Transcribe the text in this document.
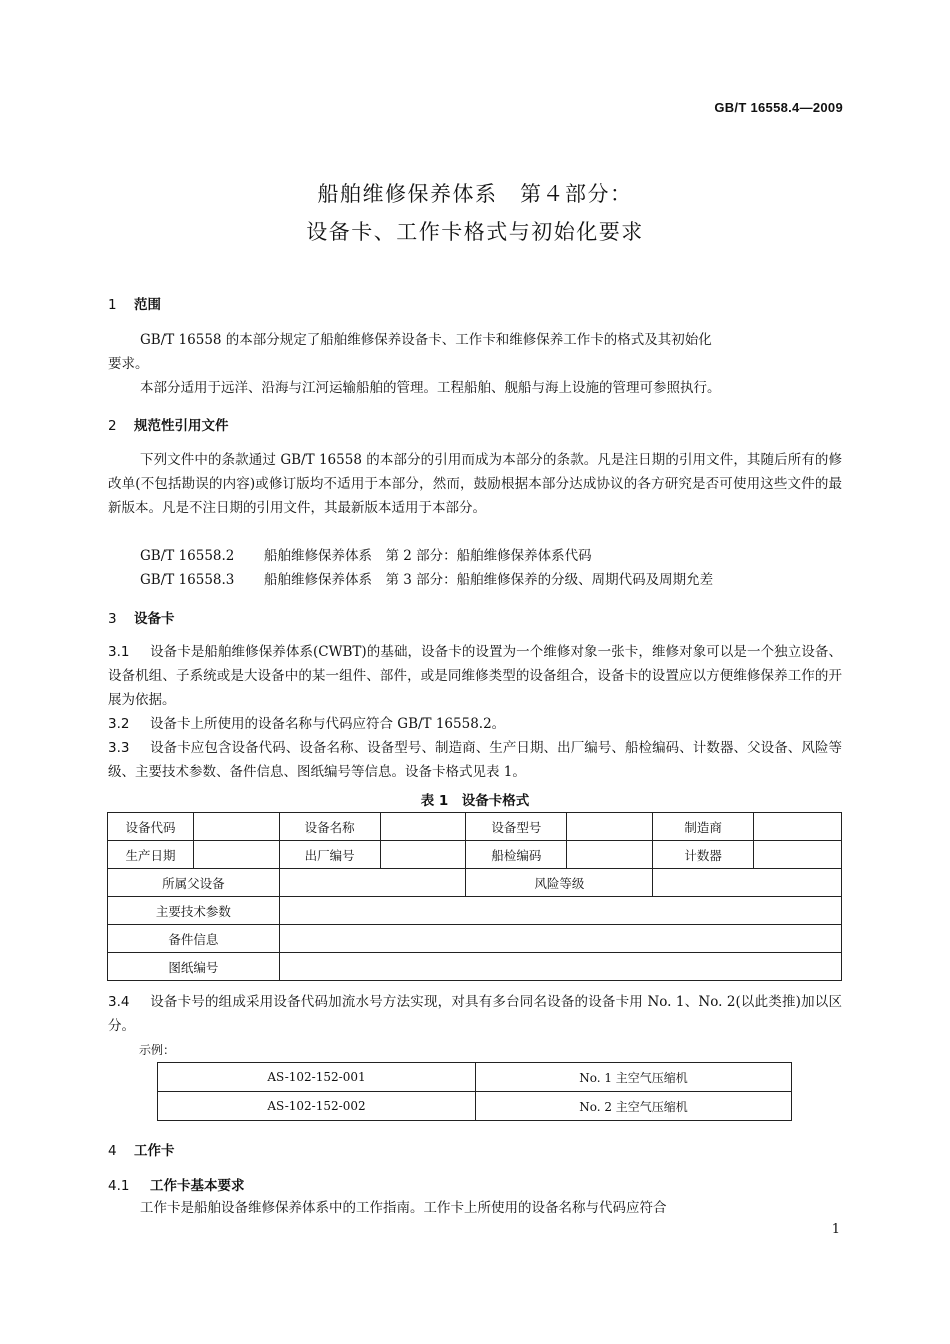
GB/T 16558.4—2009
船舶维修保养体系　第４部分：
设备卡、工作卡格式与初始化要求
1 范围
GB/T 16558 的本部分规定了船舶维修保养设备卡、工作卡和维修保养工作卡的格式及其初始化
要求。
本部分适用于远洋、沿海与江河运输船舶的管理。工程船舶、舰船与海上设施的管理可参照执行。
2 规范性引用文件
下列文件中的条款通过 GB/T 16558 的本部分的引用而成为本部分的条款。凡是注日期的引用文件，其随后所有的修改单(不包括勘误的内容)或修订版均不适用于本部分，然而，鼓励根据本部分达成协议的各方研究是否可使用这些文件的最新版本。凡是不注日期的引用文件，其最新版本适用于本部分。
GB/T 16558.2 船舶维修保养体系　第 2 部分：船舶维修保养体系代码
GB/T 16558.3 船舶维修保养体系　第 3 部分：船舶维修保养的分级、周期代码及周期允差
3 设备卡
3.1 设备卡是船舶维修保养体系(CWBT)的基础，设备卡的设置为一个维修对象一张卡，维修对象可以是一个独立设备、设备机组、子系统或是大设备中的某一组件、部件，或是同维修类型的设备组合，设备卡的设置应以方便维修保养工作的开展为依据。
3.2 设备卡上所使用的设备名称与代码应符合 GB/T 16558.2。
3.3 设备卡应包含设备代码、设备名称、设备型号、制造商、生产日期、出厂编号、船检编码、计数器、父设备、风险等级、主要技术参数、备件信息、图纸编号等信息。设备卡格式见表 1。
表 1　设备卡格式
设备代码		设备名称		设备型号		制造商	
生产日期		出厂编号		船检编码		计数器	
所属父设备				风险等级			
主要技术参数							
备件信息							
图纸编号							
3.4 设备卡号的组成采用设备代码加流水号方法实现，对具有多台同名设备的设备卡用 No. 1、No. 2(以此类推)加以区分。
示例：
AS-102-152-001	No. 1 主空气压缩机
AS-102-152-002	No. 2 主空气压缩机
4 工作卡
4.1 工作卡基本要求
工作卡是船舶设备维修保养体系中的工作指南。工作卡上所使用的设备名称与代码应符合
1
